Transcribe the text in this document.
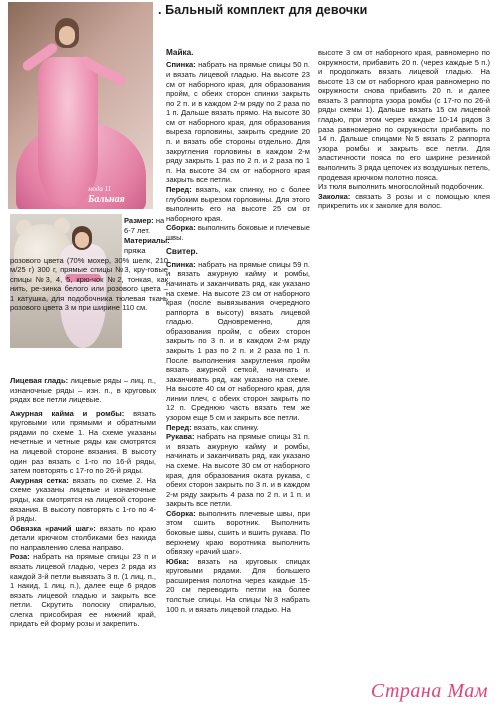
. Бальный комплект для девочки
мода 11
Бальная

Размер: на 6-7 лет.

Материалы:

пряжа розового цвета (70% мохер, 30% шелк, 210 м/25 г) 300 г, прямые спицы №3, кру-говые спицы №3, 4, 5, крю-чок №2, тонкая, как нить, ре-зинка белого или розового цвета – 1 катушка, для подобочника тюлевая ткань розового цвета 3 м при ширине 110 см.

Лицевая гладь: лицевые ряды – лиц. п., изнаночные ряды – изн. п., в круговых рядах все петли лицевые.

Ажурная кайма и ромбы: вязать круговыми или прямыми и обратными рядами по схеме 1. На схеме указаны нечетные и четные ряды как смотрятся на лицевой стороне вязания. В высоту один раз вязать с 1-го по 16-й ряды, затем повторять с 17-го по 26-й ряды.

Ажурная сетка: вязать по схеме 2. На схеме указаны лицевые и изнаночные ряды, как смотрятся на лицевой стороне вязания. В высоту повторять с 1-го по 4-й ряды.

Обвязка «рачий шаг»: вязать по краю детали крючком столбиками без накида по направлению слева направо.

Роза: набрать на прямые спицы 23 п и вязать лицевой гладью, через 2 ряда из каждой 3-й петли вывязать 3 п. (1 лиц. п., 1 накид, 1 лиц. п.), далее еще 6 рядов вязать лицевой гладью и закрыть все петли. Скрутить полоску спиралью, слегка присобирая ее нижний край, придать ей форму розы и закрепить.

Майка.

Спинка: набрать на прямые спицы 50 п. и вязать лицевой гладью. На высоте 23 см от наборного края, для образования пройм, с обеих сторон спинки закрыть по 2 п. и в каждом 2-м ряду по 2 раза по 1 п. Дальше вязать прямо. На высоте 30 см от наборного края, для образования выреза горловины, закрыть средние 20 п. и вязать обе стороны отдельно. Для закругления горловины в каждом 2-м ряду закрыть 1 раз по 2 п. и 2 раза по 1 п. На высоте 34 см от наборного края закрыть все петли.

Перед: вязать, как спинку, но с более глубоким вырезом горловины. Для этого выполнить его на высоте 25 см от наборного края.

Сборка: выполнить боковые и плечевые швы.

Свитер.

Спинка: набрать на прямые спицы 59 п. и вязать ажурную кайму и ромбы, начинать и заканчивать ряд, как указано на схеме. На высоте 23 см от наборного края (после вывязывания очередного раппорта в высоту) вязать лицевой гладью. Одновременно, для образования пройм, с обеих сторон закрыть по 3 п. и в каждом 2-м ряду закрыть 1 раз по 2 п. и 2 раза по 1 п. После выполнения закругления пройм вязать ажурной сеткой, начинать и заканчивать ряд, как указано на схеме. На высоте 40 см от наборного края, для линии плеч, с обеих сторон закрыть по 12 п. Среднюю часть вязать тем же узором еще 5 см и закрыть все петли.

Перед: вязать, как спинку.

Рукава: набрать на прямые спицы 31 п. и вязать ажурную кайму и ромбы, начинать и заканчивать ряд, как указано на схеме. На высоте 30 см от наборного края, для образования оката рукава, с обеих сторон закрыть по 3 п. и в каждом 2-м ряду закрыть 4 раза по 2 п. и 1 п. и закрыть все петли.

Сборка: выполнить плечевые швы, при этом сшить воротник. Выполнить боковые швы, сшить и вшить рукава. По верхнему краю воротника выполнить обвязку «рачий шаг».

Юбка: вязать на круговых спицах круговыми рядами. Для большего расширения полотна через каждые 15-20 см переводить петли на более толстые спицы. На спицы №3 набрать 100 п. и вязать лицевой гладью. На

высоте 3 см от наборного края, равномерно по окружности, прибавить 20 п. (через каждые 5 п.) и продолжать вязать лицевой гладью. На высоте 13 см от наборного края равномерно по окружности снова прибавить 20 п. и далее вязать 3 раппорта узора ромбы (с 17-го по 26-й ряды схемы 1). Дальше вязать 15 см лицевой гладью, при этом через каждые 10-14 рядов 3 раза равномерно по окружности прибавить по 14 п. Дальше спицами №5 вязать 2 раппорта узора ромбы и закрыть все петли. Для эластичности пояса по его ширине резинкой выполнить 3 ряда цепочек из воздушных петель, продевая крючком полотно пояса.

Из тюля выполнить многослойный подобочник.

Заколка: связать 3 розы и с помощью клея прикрепить их к заколке для волос.

Страна Мам
